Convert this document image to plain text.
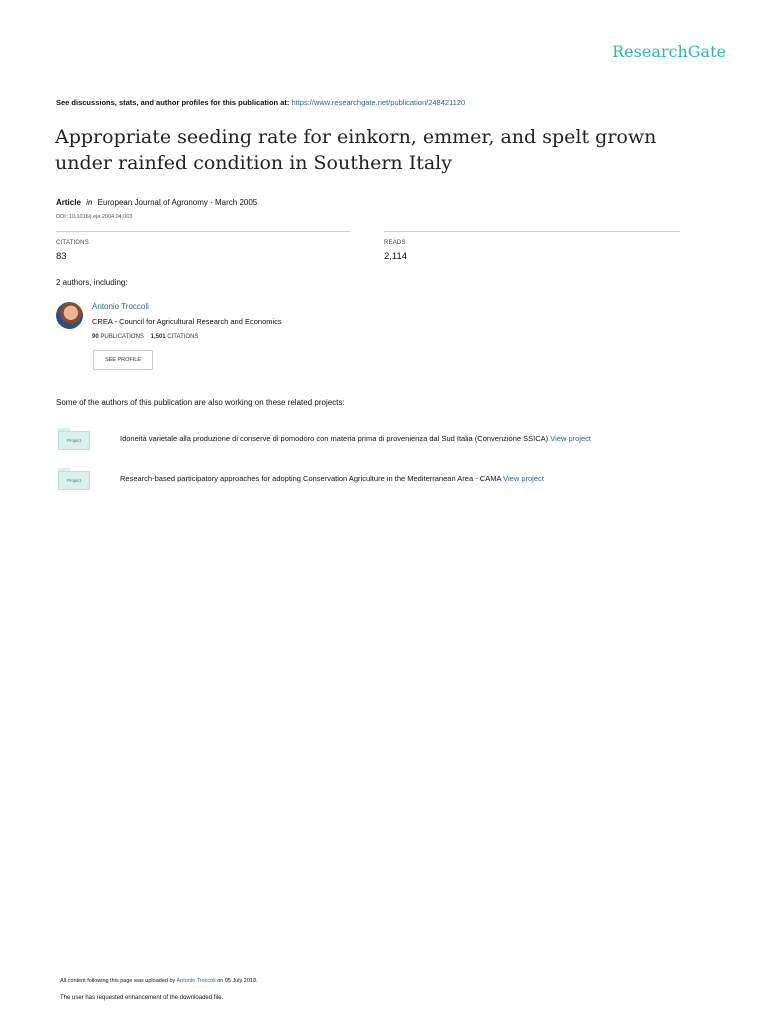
ResearchGate
See discussions, stats, and author profiles for this publication at: https://www.researchgate.net/publication/248421120
Appropriate seeding rate for einkorn, emmer, and spelt grown under rainfed condition in Southern Italy
Article in European Journal of Agronomy · March 2005
DOI: 10.1016/j.eja.2004.04.003
CITATIONS
83
READS
2,114
2 authors, including:
Antonio Troccoli
CREA - Council for Agricultural Research and Economics
90 PUBLICATIONS 1,501 CITATIONS
SEE PROFILE
Some of the authors of this publication are also working on these related projects:
Project	Idoneità varietale alla produzione di conserve di pomodoro con materia prima di provenienza dal Sud Italia (Convenzione SSICA) View project
Project	Research-based participatory approaches for adopting Conservation Agriculture in the Mediterranean Area - CAMA View project
All content following this page was uploaded by Antonio Troccoli on 05 July 2018.
The user has requested enhancement of the downloaded file.
